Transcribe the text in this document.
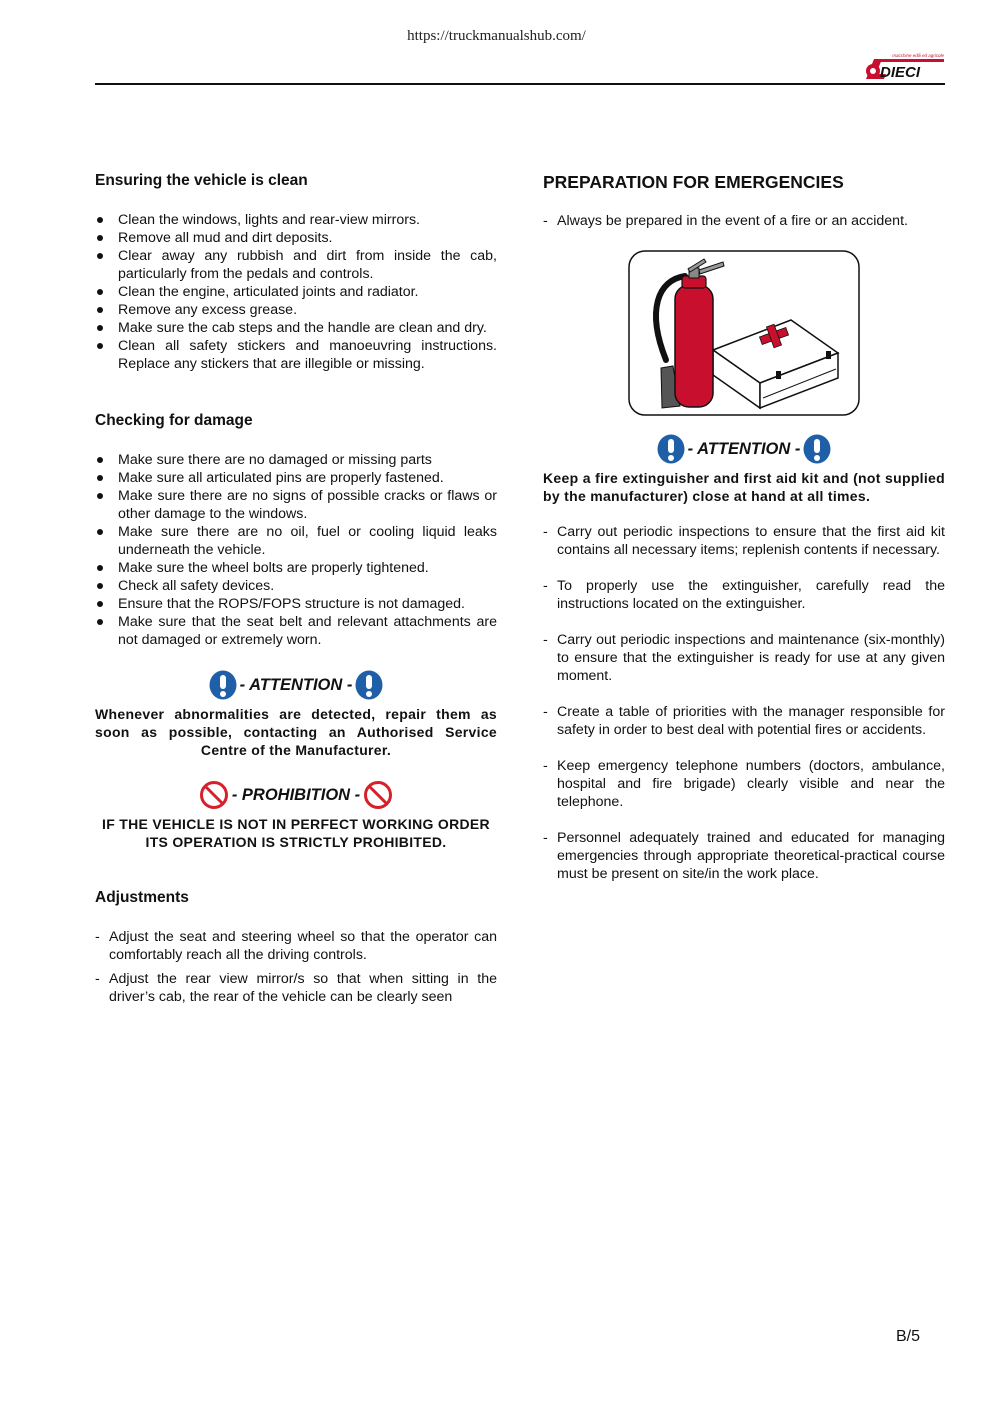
https://truckmanualshub.com/
macchine edili ed agricole
DIECI
Ensuring the vehicle is clean
Clean the windows, lights and rear-view mirrors.
Remove all mud and dirt deposits.
Clear away any rubbish and dirt from inside the cab, particularly from the pedals and controls.
Clean the engine, articulated joints and radiator.
Remove any excess grease.
Make sure the cab steps and the handle are clean and dry.
Clean all safety stickers and manoeuvring instructions. Replace any stickers that are illegible or missing.
Checking for damage
Make sure there are no damaged or missing parts
Make sure all articulated pins are properly fastened.
Make sure there are no signs of possible cracks or flaws or other damage to the windows.
Make sure there are no oil, fuel or cooling liquid leaks underneath the vehicle.
Make sure the wheel bolts are properly tightened.
Check all safety devices.
Ensure that the ROPS/FOPS structure is not damaged.
Make sure that the seat belt and relevant attachments are not damaged or extremely worn.
- ATTENTION -
Whenever abnormalities are detected, repair them as soon as possible, contacting an Authorised Service Centre of the Manufacturer.
- PROHIBITION -
IF THE VEHICLE IS NOT IN PERFECT WORKING ORDER ITS OPERATION IS STRICTLY PROHIBITED.
Adjustments
- Adjust the seat and steering wheel so that the operator can comfortably reach all the driving controls.
- Adjust the rear view mirror/s so that when sitting in the driver’s cab, the rear of the vehicle can be clearly seen
PREPARATION FOR EMERGENCIES
- Always be prepared in the event of a fire or an accident.
- ATTENTION -
Keep a fire extinguisher and first aid kit and (not supplied by the manufacturer) close at hand at all times.
- Carry out periodic inspections to ensure that the first aid kit contains all necessary items; replenish contents if necessary.
- To properly use the extinguisher, carefully read the instructions located on the extinguisher.
- Carry out periodic inspections and maintenance (six-monthly) to ensure that the extinguisher is ready for use at any given moment.
- Create a table of priorities with the manager responsible for safety in order to best deal with potential fires or accidents.
- Keep emergency telephone numbers (doctors, ambulance, hospital and fire brigade) clearly visible and near the telephone.
- Personnel adequately trained and educated for managing emergencies through appropriate theoretical-practical course must be present on site/in the work place.
B/5
